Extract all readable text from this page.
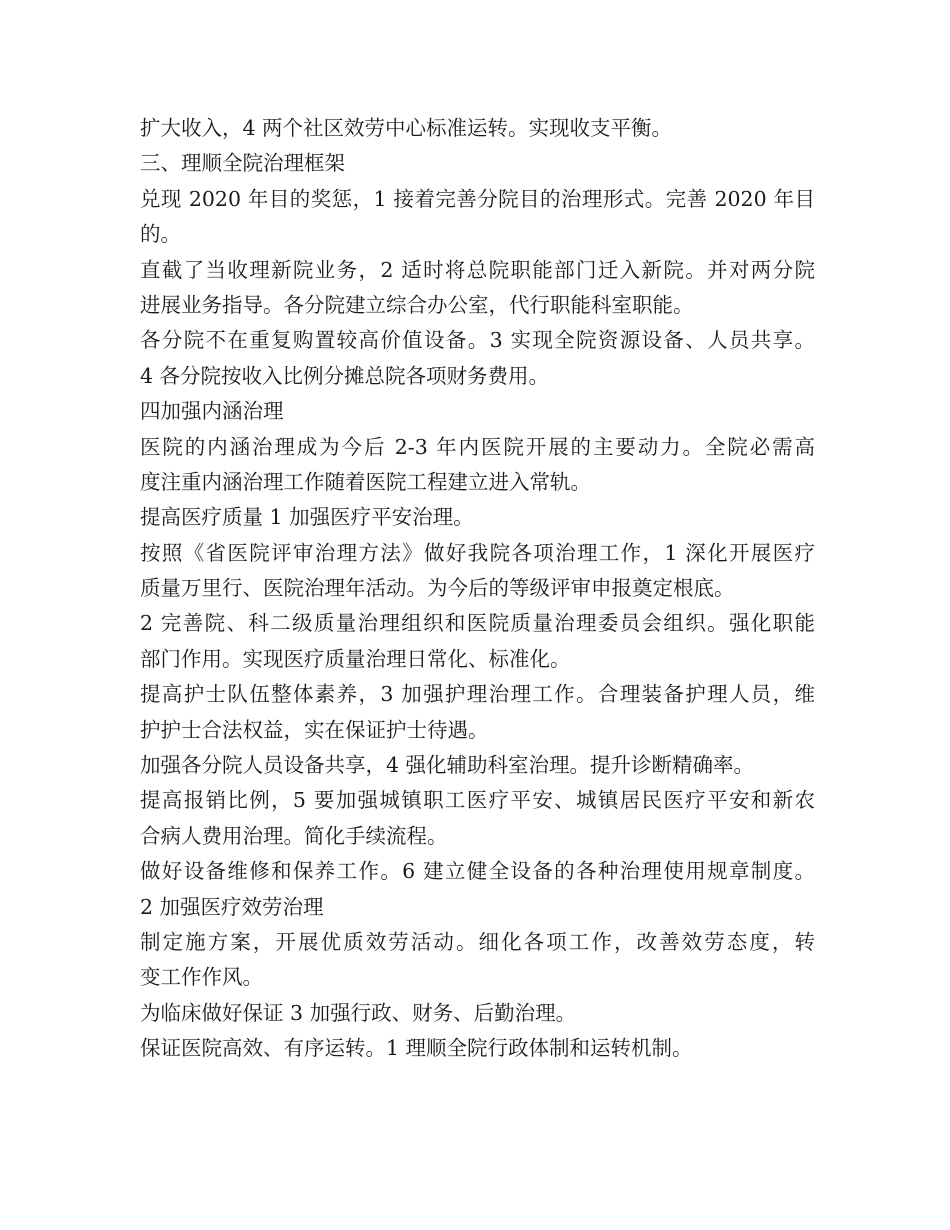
扩大收入，4 两个社区效劳中心标准运转。实现收支平衡。
三、理顺全院治理框架
兑现 2020 年目的奖惩，1 接着完善分院目的治理形式。完善 2020 年目
的。
直截了当收理新院业务，2 适时将总院职能部门迁入新院。并对两分院
进展业务指导。各分院建立综合办公室，代行职能科室职能。
各分院不在重复购置较高价值设备。3 实现全院资源设备、人员共享。
4 各分院按收入比例分摊总院各项财务费用。
四加强内涵治理
医院的内涵治理成为今后 2-3 年内医院开展的主要动力。全院必需高
度注重内涵治理工作随着医院工程建立进入常轨。
提高医疗质量 1 加强医疗平安治理。
按照《省医院评审治理方法》做好我院各项治理工作，1 深化开展医疗
质量万里行、医院治理年活动。为今后的等级评审申报奠定根底。
2 完善院、科二级质量治理组织和医院质量治理委员会组织。强化职能
部门作用。实现医疗质量治理日常化、标准化。
提高护士队伍整体素养，3 加强护理治理工作。合理装备护理人员，维
护护士合法权益，实在保证护士待遇。
加强各分院人员设备共享，4 强化辅助科室治理。提升诊断精确率。
提高报销比例，5 要加强城镇职工医疗平安、城镇居民医疗平安和新农
合病人费用治理。简化手续流程。
做好设备维修和保养工作。6 建立健全设备的各种治理使用规章制度。
2 加强医疗效劳治理
制定施方案，开展优质效劳活动。细化各项工作，改善效劳态度，转
变工作作风。
为临床做好保证 3 加强行政、财务、后勤治理。
保证医院高效、有序运转。1 理顺全院行政体制和运转机制。
